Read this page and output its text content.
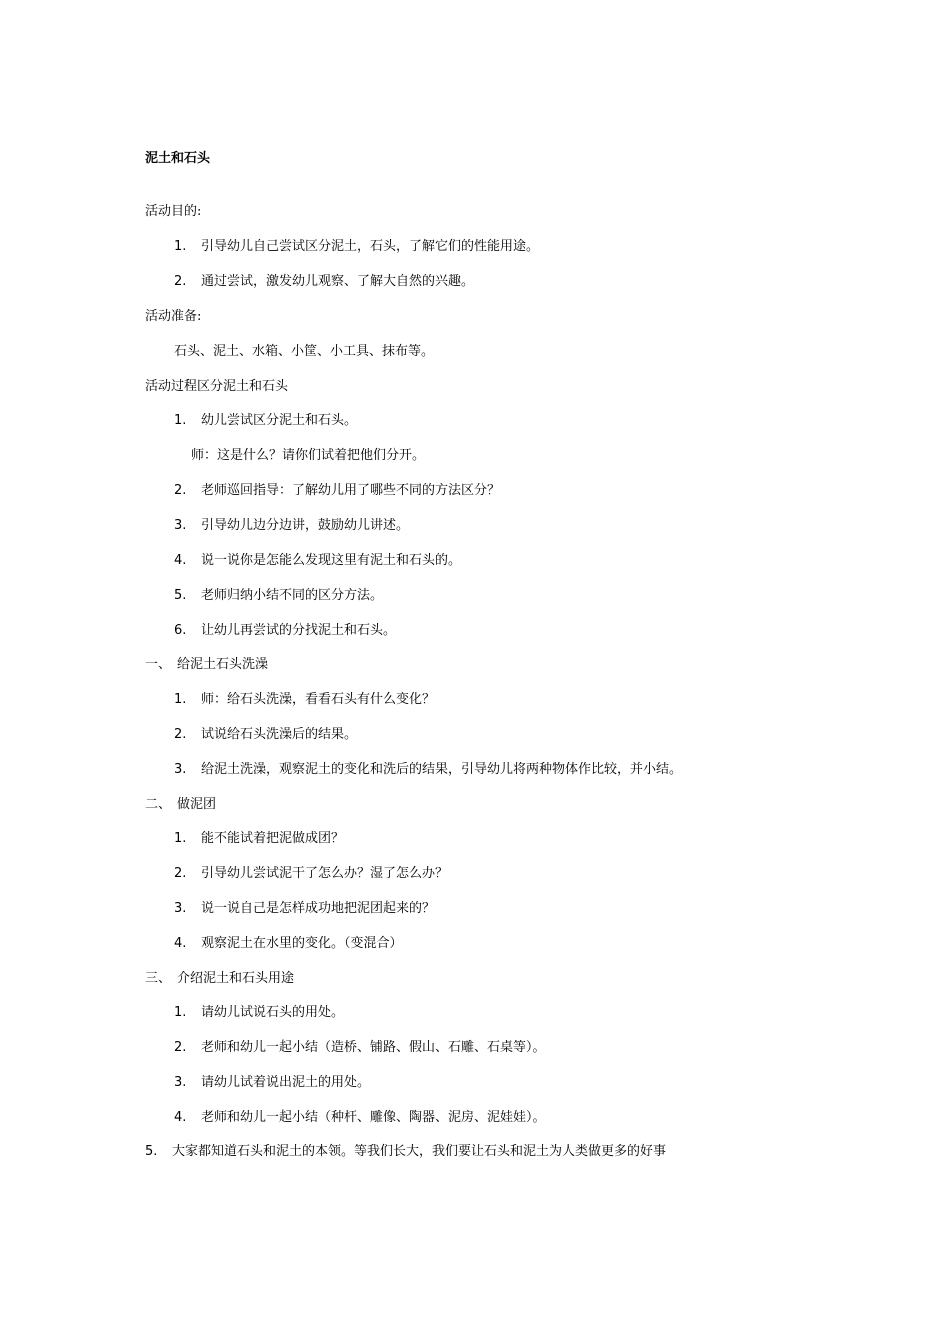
泥土和石头
活动目的:
1. 引导幼儿自己尝试区分泥土，石头，了解它们的性能用途。
2. 通过尝试，激发幼儿观察、了解大自然的兴趣。
活动准备:
石头、泥土、水箱、小筐、小工具、抹布等。
活动过程区分泥土和石头
1. 幼儿尝试区分泥土和石头。
师：这是什么？请你们试着把他们分开。
2. 老师巡回指导：了解幼儿用了哪些不同的方法区分？
3. 引导幼儿边分边讲，鼓励幼儿讲述。
4. 说一说你是怎能么发现这里有泥土和石头的。
5. 老师归纳小结不同的区分方法。
6. 让幼儿再尝试的分找泥土和石头。
一、 给泥土石头洗澡
1. 师：给石头洗澡，看看石头有什么变化？
2. 试说给石头洗澡后的结果。
3. 给泥土洗澡，观察泥土的变化和洗后的结果，引导幼儿将两种物体作比较，并小结。
二、 做泥团
1. 能不能试着把泥做成团？
2. 引导幼儿尝试泥干了怎么办？湿了怎么办？
3. 说一说自己是怎样成功地把泥团起来的？
4. 观察泥土在水里的变化。（变混合）
三、 介绍泥土和石头用途
1. 请幼儿试说石头的用处。
2. 老师和幼儿一起小结（造桥、铺路、假山、石雕、石桌等）。
3. 请幼儿试着说出泥土的用处。
4. 老师和幼儿一起小结（种杆、雕像、陶器、泥房、泥娃娃）。
5. 大家都知道石头和泥土的本领。等我们长大，我们要让石头和泥土为人类做更多的好事
